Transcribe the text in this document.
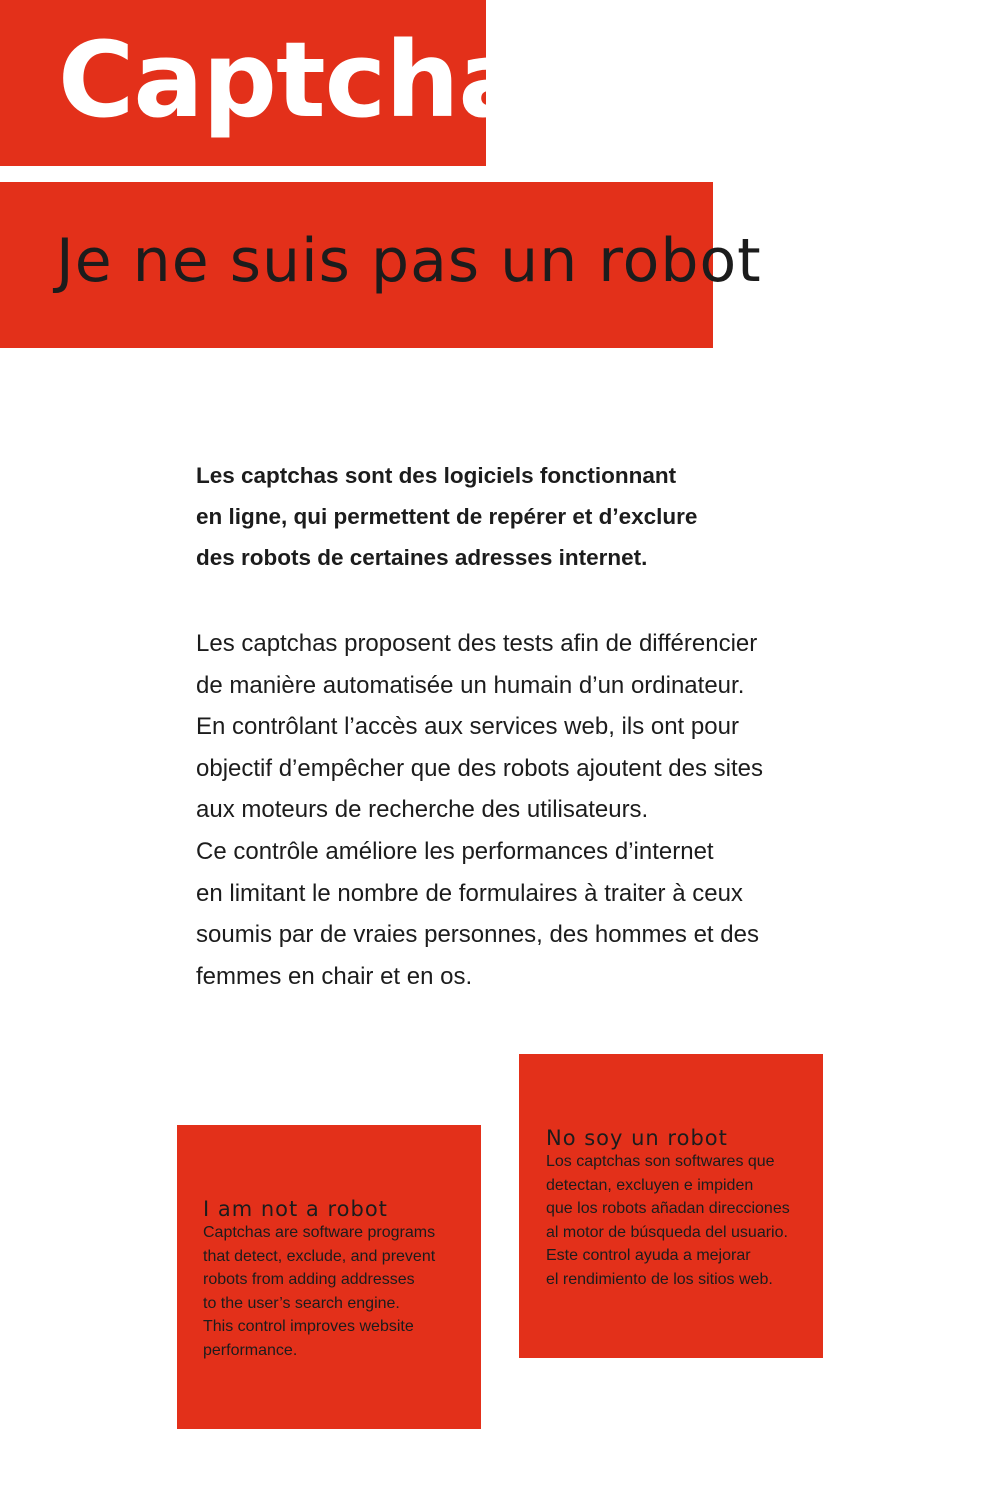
Captcha
Je ne suis pas un robot

Les captchas sont des logiciels fonctionnant
en ligne, qui permettent de repérer et d’exclure
des robots de certaines adresses internet.

Les captchas proposent des tests afin de différencier
de manière automatisée un humain d’un ordinateur.
En contrôlant l’accès aux services web, ils ont pour
objectif d’empêcher que des robots ajoutent des sites
aux moteurs de recherche des utilisateurs.
Ce contrôle améliore les performances d’internet
en limitant le nombre de formulaires à traiter à ceux
soumis par de vraies personnes, des hommes et des
femmes en chair et en os.

I am not a robot

Captchas are software programs
that detect, exclude, and prevent
robots from adding addresses
to the user’s search engine.
This control improves website
performance.

No soy un robot

Los captchas son softwares que
detectan, excluyen e impiden
que los robots añadan direcciones
al motor de búsqueda del usuario.
Este control ayuda a mejorar
el rendimiento de los sitios web.
